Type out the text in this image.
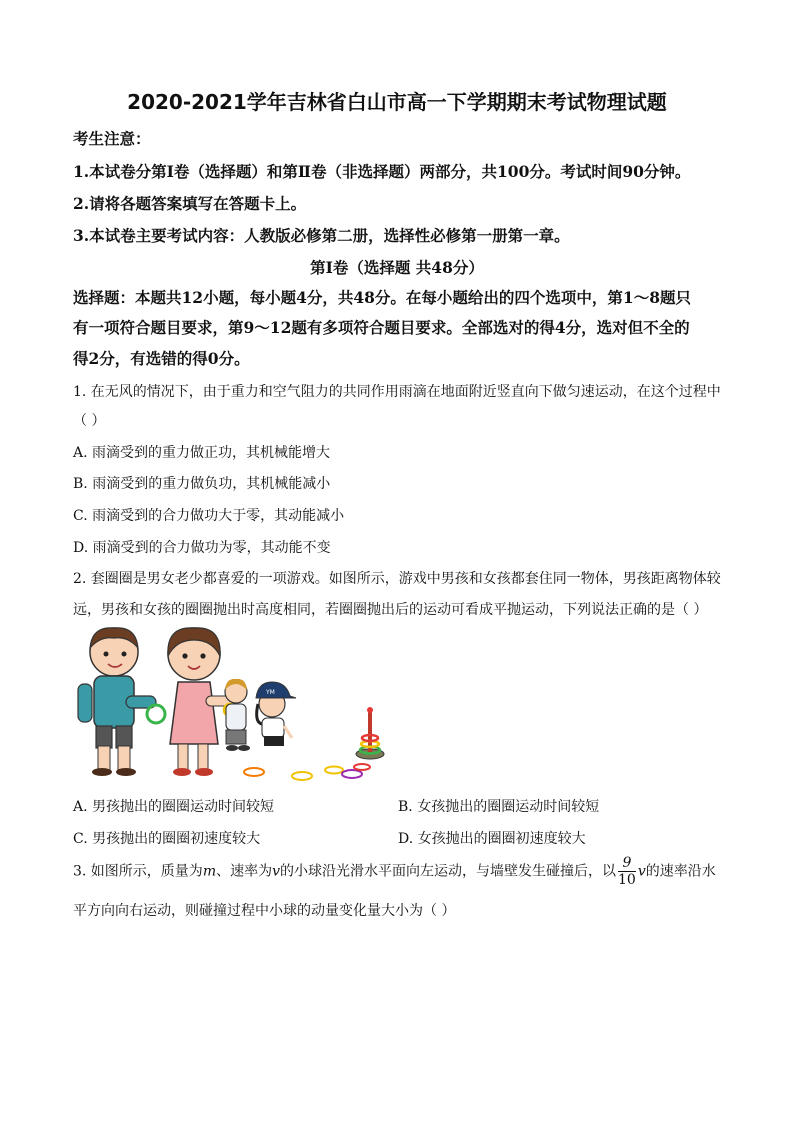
2020-2021学年吉林省白山市高一下学期期末考试物理试题
考生注意：
1.本试卷分第Ⅰ卷（选择题）和第Ⅱ卷（非选择题）两部分，共100分。考试时间90分钟。
2.请将各题答案填写在答题卡上。
3.本试卷主要考试内容：人教版必修第二册，选择性必修第一册第一章。
第Ⅰ卷（选择题 共48分）
选择题：本题共12小题，每小题4分，共48分。在每小题给出的四个选项中，第1～8题只
有一项符合题目要求，第9～12题有多项符合题目要求。全部选对的得4分，选对但不全的
得2分，有选错的得0分。
1. 在无风的情况下，由于重力和空气阻力的共同作用雨滴在地面附近竖直向下做匀速运动，在这个过程中
（ ）
A. 雨滴受到的重力做正功，其机械能增大
B. 雨滴受到的重力做负功，其机械能减小
C. 雨滴受到的合力做功大于零，其动能减小
D. 雨滴受到的合力做功为零，其动能不变
2. 套圈圈是男女老少都喜爱的一项游戏。如图所示，游戏中男孩和女孩都套住同一物体，男孩距离物体较
远，男孩和女孩的圈圈抛出时高度相同，若圈圈抛出后的运动可看成平抛运动，下列说法正确的是（ ）
YM
A. 男孩抛出的圈圈运动时间较短	B. 女孩抛出的圈圈运动时间较短
C. 男孩抛出的圈圈初速度较大	D. 女孩抛出的圈圈初速度较大
3. 如图所示，质量为m、速率为v的小球沿光滑水平面向左运动，与墙壁发生碰撞后，以 $\frac{9}{10}$ v的速率沿水
平方向向右运动，则碰撞过程中小球的动量变化量大小为（ ）
